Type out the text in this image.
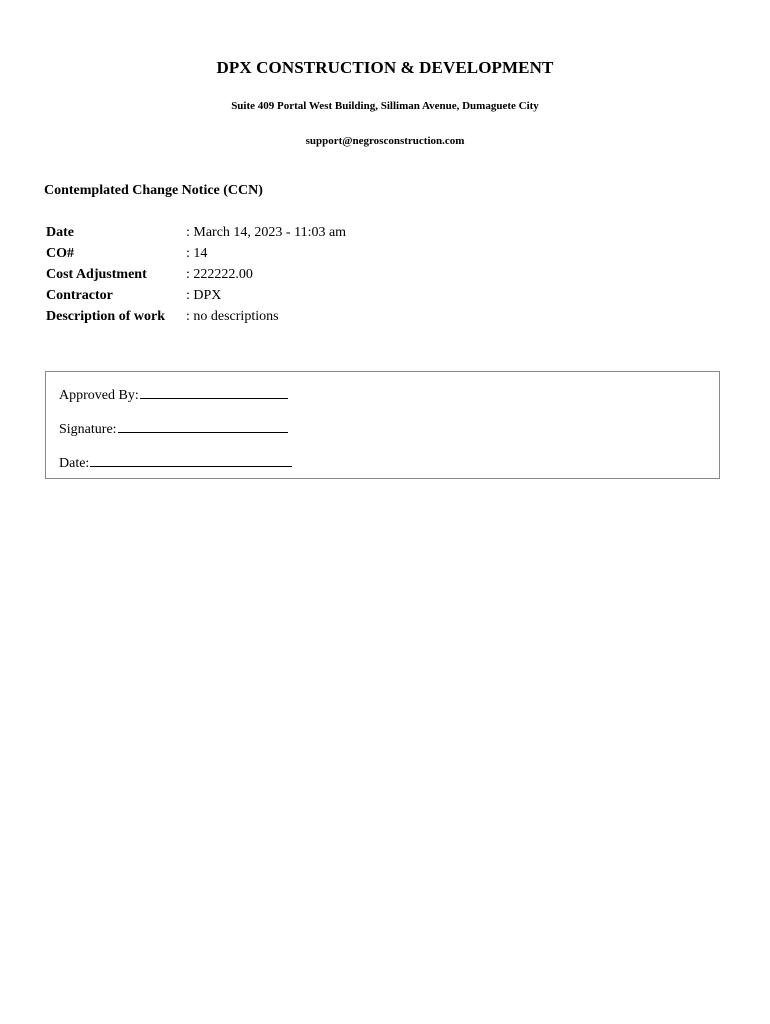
DPX CONSTRUCTION & DEVELOPMENT
Suite 409 Portal West Building, Silliman Avenue, Dumaguete City
support@negrosconstruction.com
Contemplated Change Notice (CCN)
Date	: March 14, 2023 - 11:03 am
CO#	: 14
Cost Adjustment	: 222222.00
Contractor	: DPX
Description of work	: no descriptions
Approved By:
Signature:
Date:
